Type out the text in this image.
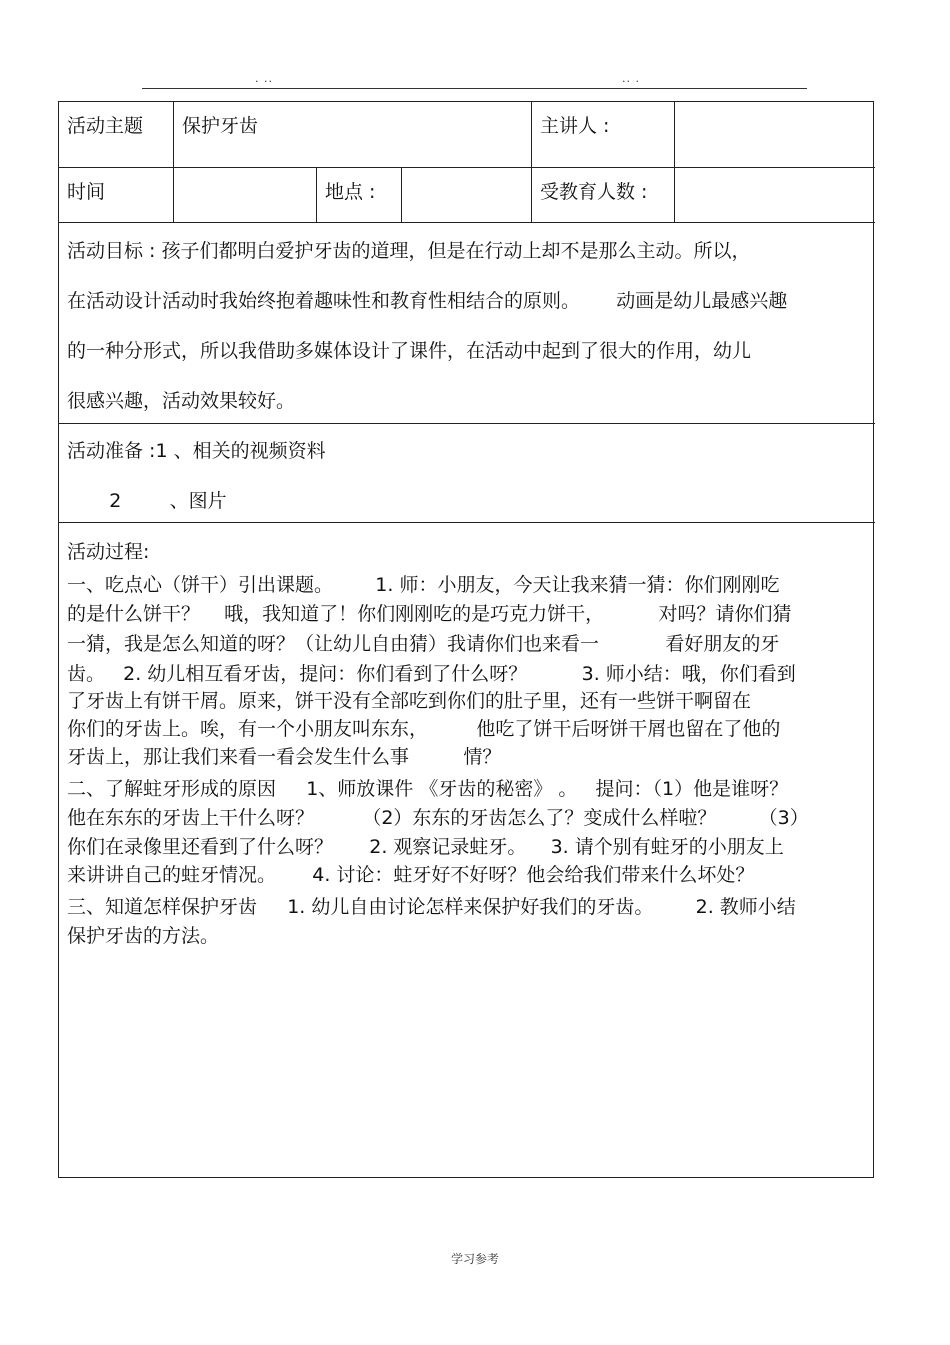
. ..	.. .
活动主题 保护牙齿	主讲人 :
时间	地点 :	受教育人数 :
活动目标 : 孩子们都明白爱护牙齿的道理，但是在行动上却不是那么主动。所以，
在活动设计活动时我始终抱着趣味性和教育性相结合的原则。      动画是幼儿最感兴趣
的一种分形式，所以我借助多媒体设计了课件，在活动中起到了很大的作用，幼儿
很感兴趣，活动效果较好。
活动准备 :1 、相关的视频资料
2        、图片
活动过程:
一、吃点心（饼干）引出课题。       1. 师：小朋友，今天让我来猜一猜：你们刚刚吃
的是什么饼干？    哦，我知道了！你们刚刚吃的是巧克力饼干，         对吗？请你们猜
一猜，我是怎么知道的呀？（让幼儿自由猜）我请你们也来看一           看好朋友的牙
齿。   2. 幼儿相互看牙齿，提问：你们看到了什么呀？         3. 师小结：哦，你们看到
了牙齿上有饼干屑。原来，饼干没有全部吃到你们的肚子里，还有一些饼干啊留在
你们的牙齿上。唉，有一个小朋友叫东东，        他吃了饼干后呀饼干屑也留在了他的
牙齿上，那让我们来看一看会发生什么事         情？
二、了解蛀牙形成的原因     1、师放课件 《牙齿的秘密》 。   提问：（1）他是谁呀？
他在东东的牙齿上干什么呀？        （2）东东的牙齿怎么了？变成什么样啦？       （3）
你们在录像里还看到了什么呀？      2. 观察记录蛀牙。    3. 请个别有蛀牙的小朋友上
来讲讲自己的蛀牙情况。      4. 讨论：蛀牙好不好呀？他会给我们带来什么坏处？
三、知道怎样保护牙齿     1. 幼儿自由讨论怎样来保护好我们的牙齿。       2. 教师小结
保护牙齿的方法。
学习参考
